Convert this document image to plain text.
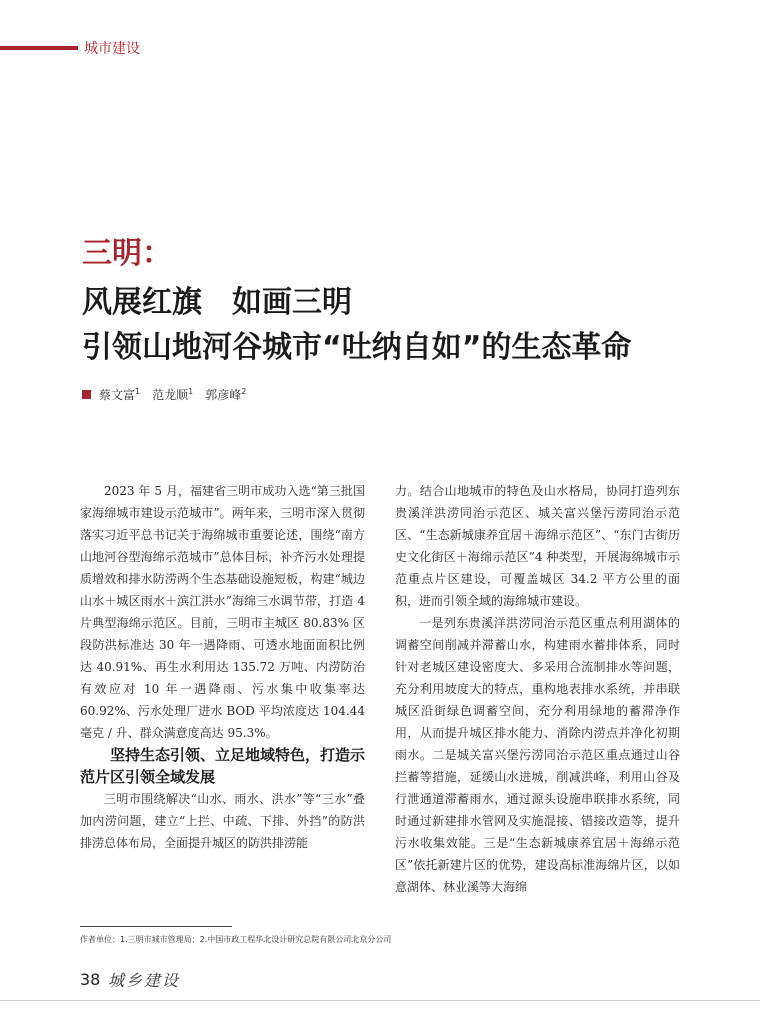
城市建设
三明：
风展红旗　如画三明
引领山地河谷城市“吐纳自如”的生态革命
蔡文富$^1$ 范龙顺$^1$ 郭彦峰$^2$

2023 年 5 月，福建省三明市成功入选“第三批国家海绵城市建设示范城市”。两年来，三明市深入贯彻落实习近平总书记关于海绵城市重要论述，围绕“南方山地河谷型海绵示范城市”总体目标，补齐污水处理提质增效和排水防涝两个生态基础设施短板，构建“城边山水＋城区雨水＋滨江洪水”海绵三水调节带，打造 4 片典型海绵示范区。目前，三明市主城区 80.83% 区段防洪标准达 30 年一遇降雨、可透水地面面积比例达 40.91%、再生水利用达 135.72 万吨、内涝防治有效应对 10 年一遇降雨、污水集中收集率达 60.92%、污水处理厂进水 BOD 平均浓度达 104.44 毫克 / 升、群众满意度高达 95.3%。

坚持生态引领、立足地域特色，打造示范片区引领全域发展

三明市围绕解决“山水、雨水、洪水”等“三水”叠加内涝问题，建立“上拦、中疏、下排、外挡”的防洪排涝总体布局，全面提升城区的防洪排涝能

力。结合山地城市的特色及山水格局，协同打造列东贵溪洋洪涝同治示范区、城关富兴堡污涝同治示范区、“生态新城康养宜居＋海绵示范区”、“东门古街历史文化街区＋海绵示范区”4 种类型，开展海绵城市示范重点片区建设，可覆盖城区 34.2 平方公里的面积，进而引领全域的海绵城市建设。

一是列东贵溪洋洪涝同治示范区重点利用湖体的调蓄空间削减并滞蓄山水，构建雨水蓄排体系，同时针对老城区建设密度大、多采用合流制排水等问题，充分利用坡度大的特点，重构地表排水系统，并串联城区沿街绿色调蓄空间，充分利用绿地的蓄滞净作用，从而提升城区排水能力、消除内涝点并净化初期雨水。二是城关富兴堡污涝同治示范区重点通过山谷拦蓄等措施，延缓山水进城，削减洪峰，利用山谷及行泄通道滞蓄雨水，通过源头设施串联排水系统，同时通过新建排水管网及实施混接、错接改造等，提升污水收集效能。三是“生态新城康养宜居＋海绵示范区”依托新建片区的优势，建设高标准海绵片区，以如意湖体、林业溪等大海绵

作者单位：1.三明市城市管理局；2.中国市政工程华北设计研究总院有限公司北京分公司
38 城乡建设
